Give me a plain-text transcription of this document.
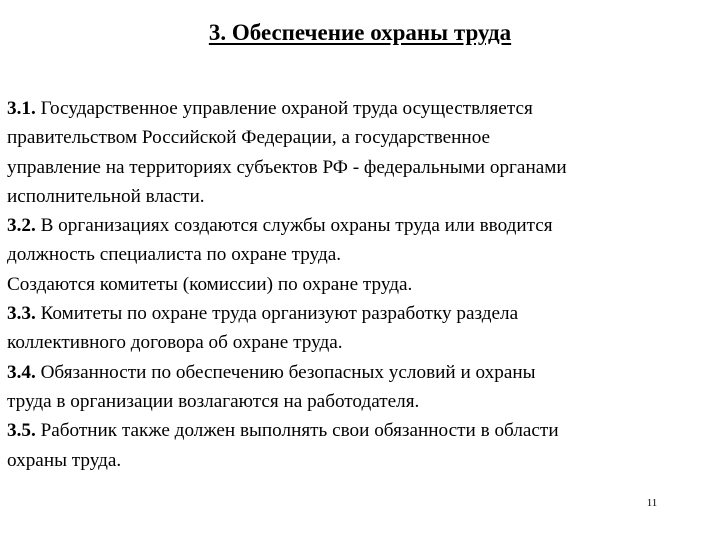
3. Обеспечение охраны труда

3.1. Государственное управление охраной труда осуществляется
правительством Российской Федерации, а государственное
управление на территориях субъектов РФ - федеральными органами
исполнительной власти.

3.2. В организациях создаются службы охраны труда или вводится
должность специалиста по охране труда.

Создаются комитеты (комиссии) по охране труда.

3.3. Комитеты по охране труда организуют разработку раздела
коллективного договора об охране труда.

3.4. Обязанности по обеспечению безопасных условий и охраны
труда в организации возлагаются на работодателя.

3.5. Работник также должен выполнять свои обязанности в области
охраны труда.

11
